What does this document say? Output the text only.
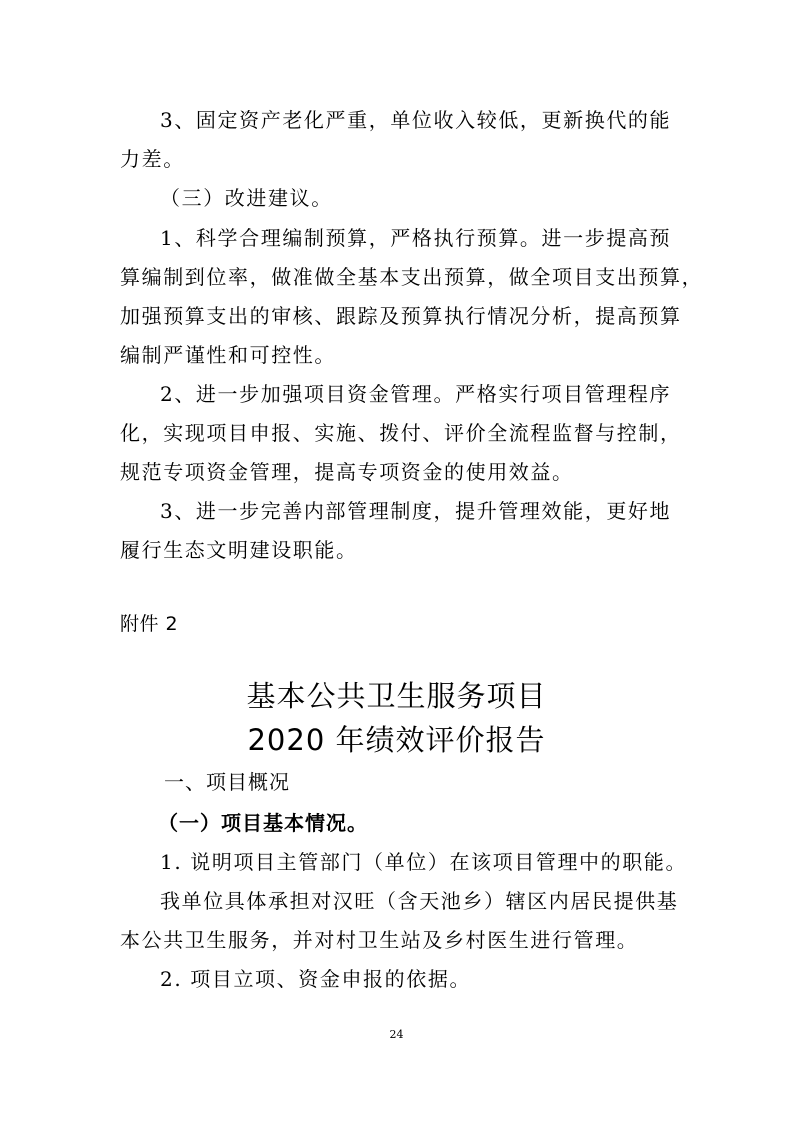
3、固定资产老化严重，单位收入较低，更新换代的能
力差。
（三）改进建议。
1、科学合理编制预算，严格执行预算。进一步提高预
算编制到位率，做准做全基本支出预算，做全项目支出预算，
加强预算支出的审核、跟踪及预算执行情况分析，提高预算
编制严谨性和可控性。
2、进一步加强项目资金管理。严格实行项目管理程序
化，实现项目申报、实施、拨付、评价全流程监督与控制，
规范专项资金管理，提高专项资金的使用效益。
3、进一步完善内部管理制度，提升管理效能，更好地
履行生态文明建设职能。
附件 2
基本公共卫生服务项目
2020 年绩效评价报告
一、项目概况
（一）项目基本情况。
1. 说明项目主管部门（单位）在该项目管理中的职能。
我单位具体承担对汉旺（含天池乡）辖区内居民提供基
本公共卫生服务，并对村卫生站及乡村医生进行管理。
2. 项目立项、资金申报的依据。
24
